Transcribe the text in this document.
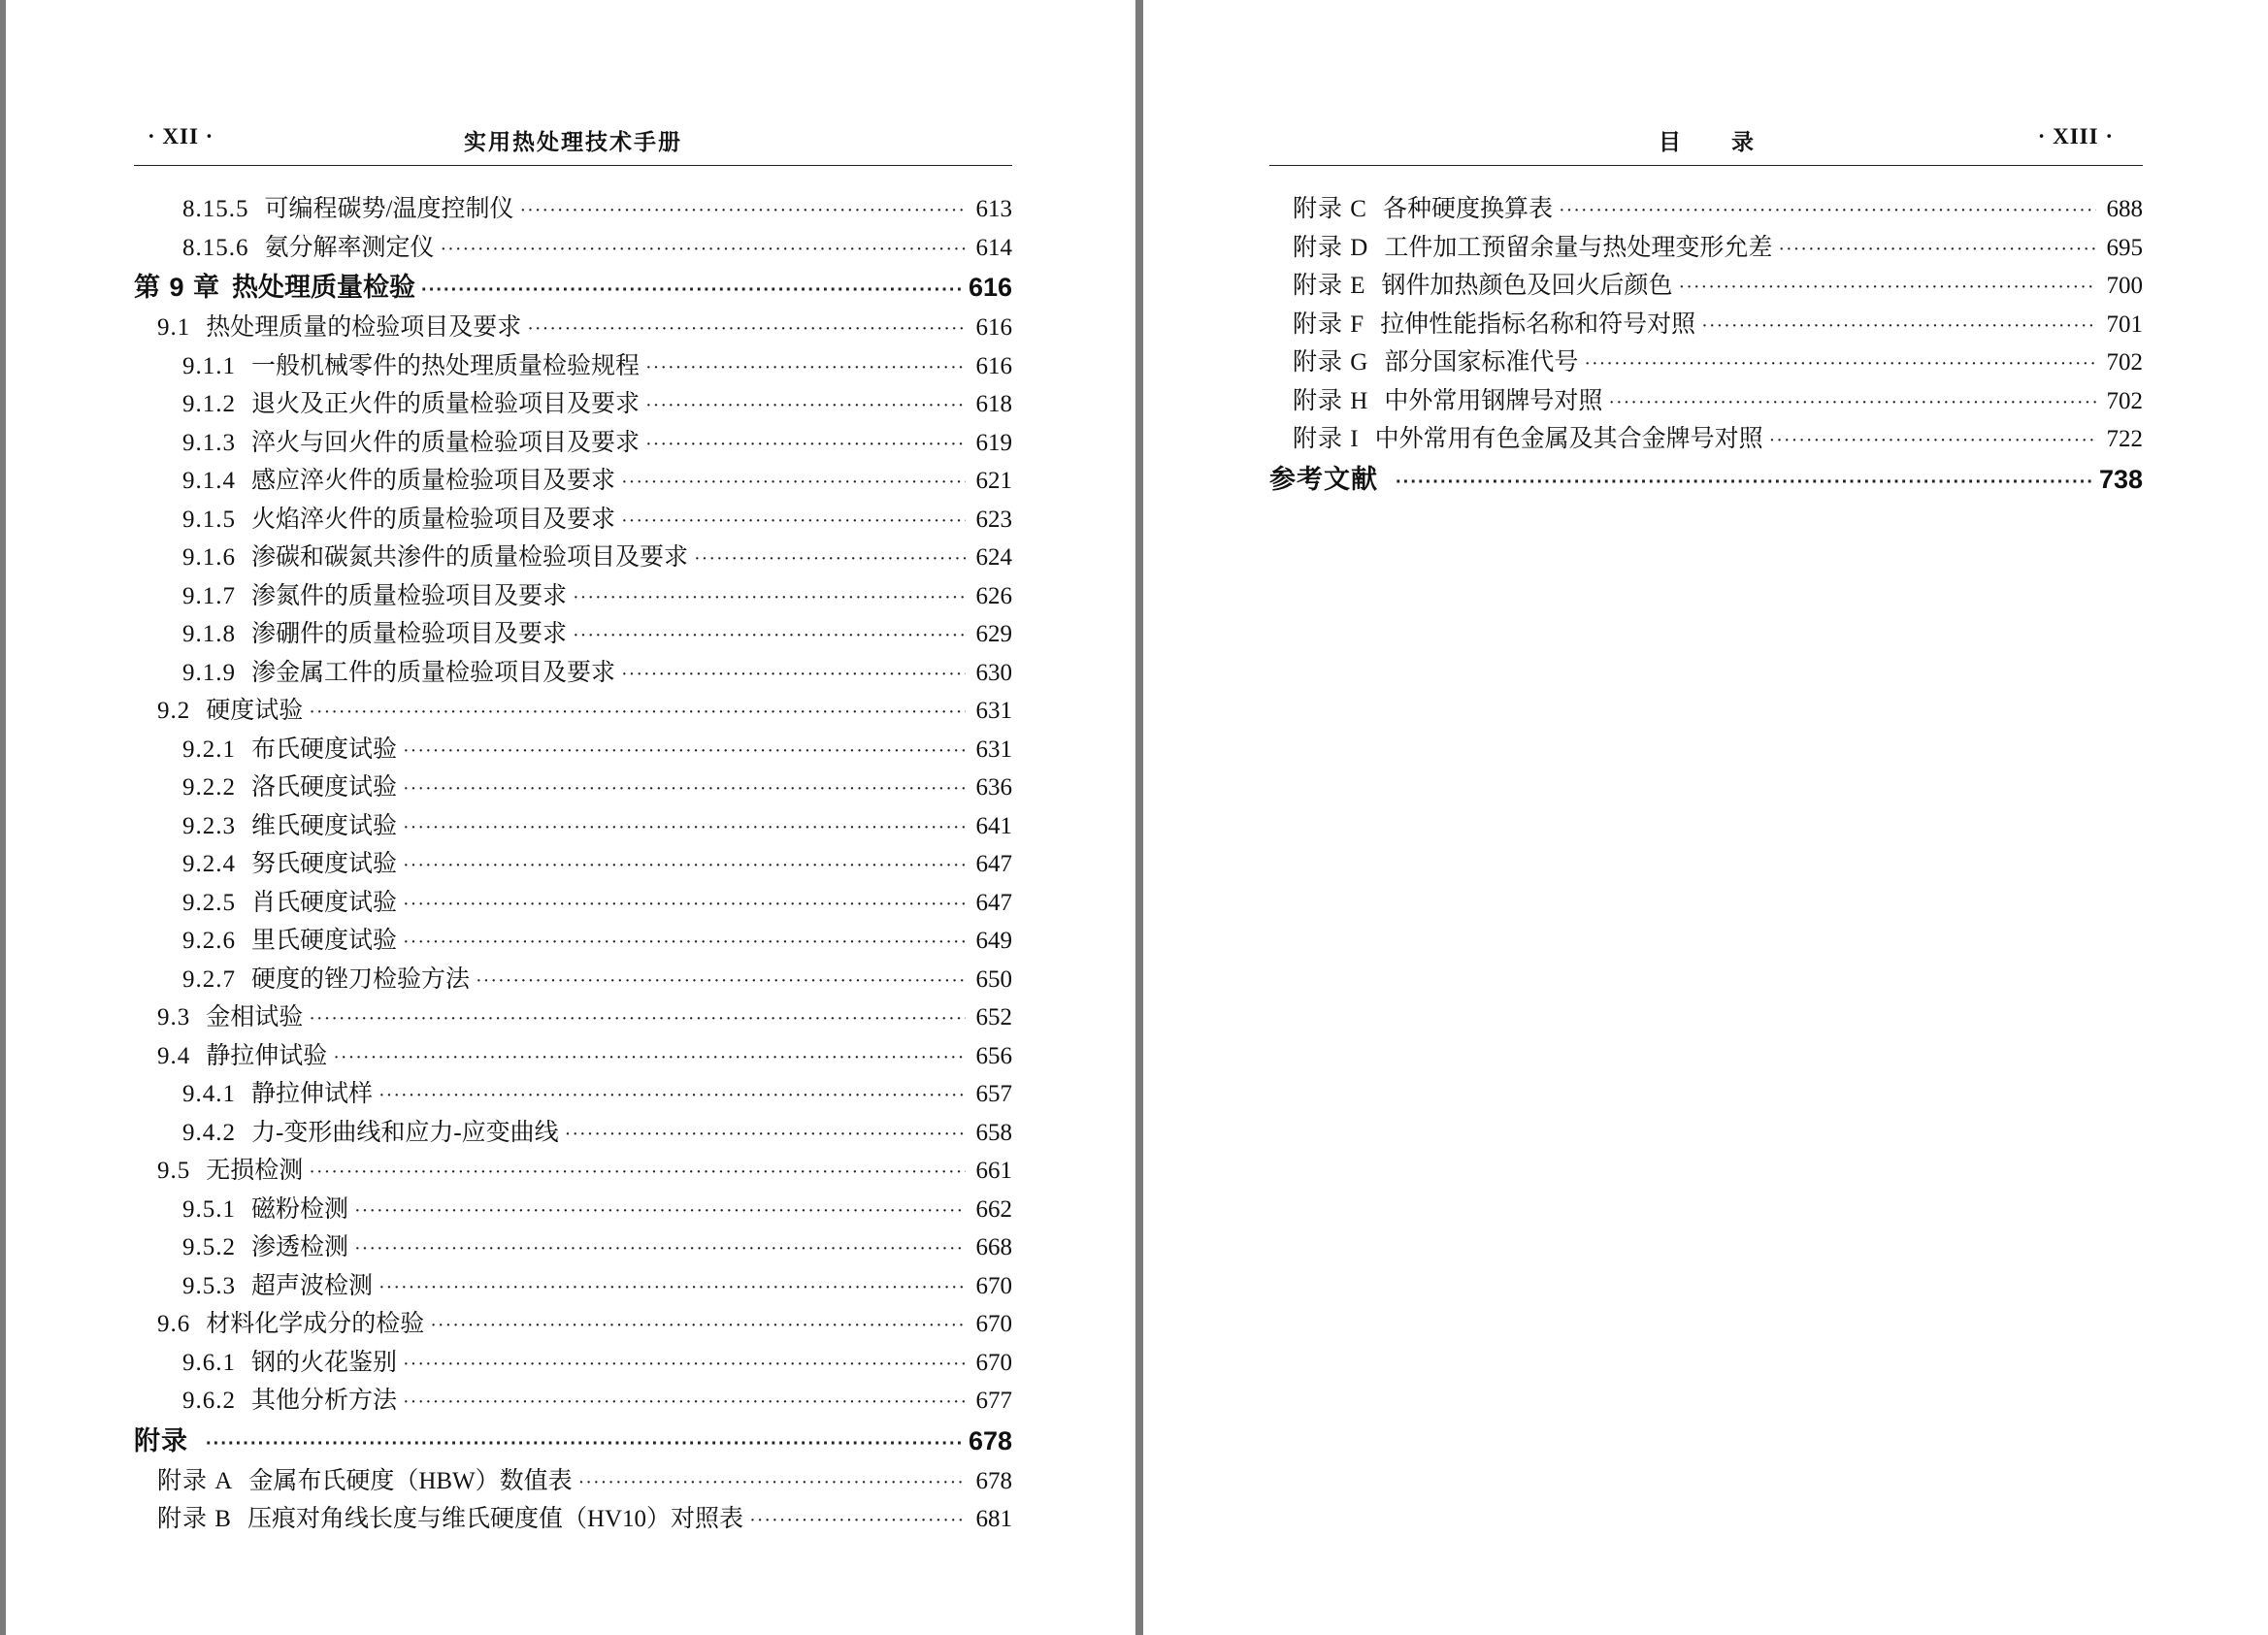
· XII ·	实用热处理技术手册
8.15.5 可编程碳势/温度控制仪 ·····	613
8.15.6 氨分解率测定仪 ·····	614
第 9 章 热处理质量检验 ·····	616
9.1 热处理质量的检验项目及要求 ·····	616
9.1.1 一般机械零件的热处理质量检验规程 ·····	616
9.1.2 退火及正火件的质量检验项目及要求 ·····	618
9.1.3 淬火与回火件的质量检验项目及要求 ·····	619
9.1.4 感应淬火件的质量检验项目及要求 ·····	621
9.1.5 火焰淬火件的质量检验项目及要求 ·····	623
9.1.6 渗碳和碳氮共渗件的质量检验项目及要求 ·····	624
9.1.7 渗氮件的质量检验项目及要求 ·····	626
9.1.8 渗硼件的质量检验项目及要求 ·····	629
9.1.9 渗金属工件的质量检验项目及要求 ·····	630
9.2 硬度试验 ·····	631
9.2.1 布氏硬度试验 ·····	631
9.2.2 洛氏硬度试验 ·····	636
9.2.3 维氏硬度试验 ·····	641
9.2.4 努氏硬度试验 ·····	647
9.2.5 肖氏硬度试验 ·····	647
9.2.6 里氏硬度试验 ·····	649
9.2.7 硬度的锉刀检验方法 ·····	650
9.3 金相试验 ·····	652
9.4 静拉伸试验 ·····	656
9.4.1 静拉伸试样 ·····	657
9.4.2 力-变形曲线和应力-应变曲线 ·····	658
9.5 无损检测 ·····	661
9.5.1 磁粉检测 ·····	662
9.5.2 渗透检测 ·····	668
9.5.3 超声波检测 ·····	670
9.6 材料化学成分的检验 ·····	670
9.6.1 钢的火花鉴别 ·····	670
9.6.2 其他分析方法 ·····	677
附录 ·····	678
附录 A 金属布氏硬度（HBW）数值表 ·····	678
附录 B 压痕对角线长度与维氏硬度值（HV10）对照表 ·····	681
目录	· XIII ·
附录 C 各种硬度换算表 ·····	688
附录 D 工件加工预留余量与热处理变形允差 ·····	695
附录 E 钢件加热颜色及回火后颜色 ·····	700
附录 F 拉伸性能指标名称和符号对照 ·····	701
附录 G 部分国家标准代号 ·····	702
附录 H 中外常用钢牌号对照 ·····	702
附录 I 中外常用有色金属及其合金牌号对照 ·····	722
参考文献 ·····	738
